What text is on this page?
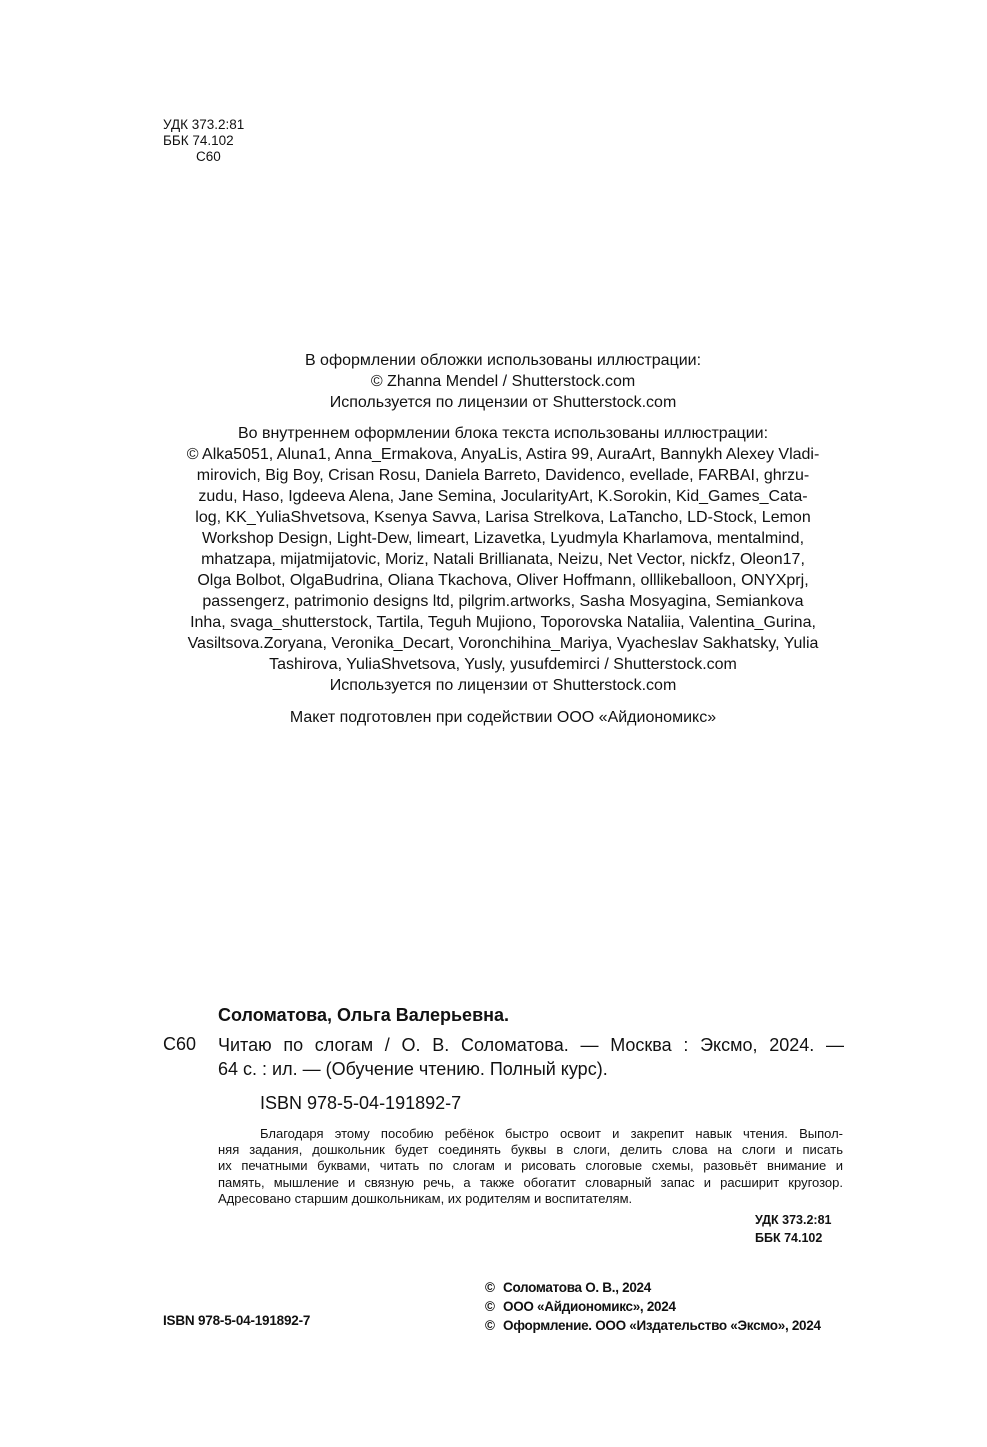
УДК 373.2:81
ББК 74.102
С60
В оформлении обложки использованы иллюстрации:
© Zhanna Mendel / Shutterstock.com
Используется по лицензии от Shutterstock.com
Во внутреннем оформлении блока текста использованы иллюстрации:
© Alka5051, Aluna1, Anna_Ermakova, AnyaLis, Astira 99, AuraArt, Bannykh Alexey Vladi-
mirovich, Big Boy, Crisan Rosu, Daniela Barreto, Davidenco, evellade, FARBAI, ghrzu-
zudu, Haso, Igdeeva Alena, Jane Semina, JocularityArt, K.Sorokin, Kid_Games_Cata-
log, KK_YuliaShvetsova, Ksenya Savva, Larisa Strelkova, LaTancho, LD-Stock, Lemon
Workshop Design, Light-Dew, limeart, Lizavetka, Lyudmyla Kharlamova, mentalmind,
mhatzapa, mijatmijatovic, Moriz, Natali Brillianata, Neizu, Net Vector, nickfz, Oleon17,
Olga Bolbot, OlgaBudrina, Oliana Tkachova, Oliver Hoffmann, olllikeballoon, ONYXprj,
passengerz, patrimonio designs ltd, pilgrim.artworks, Sasha Mosyagina, Semiankova
Inha, svaga_shutterstock, Tartila, Teguh Mujiono, Toporovska Nataliia, Valentina_Gurina,
Vasiltsova.Zoryana, Veronika_Decart, Voronchihina_Mariya, Vyacheslav Sakhatsky, Yulia
Tashirova, YuliaShvetsova, Yusly, yusufdemirci / Shutterstock.com
Используется по лицензии от Shutterstock.com
Макет подготовлен при содействии ООО «Айдиономикс»
Соломатова, Ольга Валерьевна.
С60 Читаю по слогам / О. В. Соломатова. — Москва : Эксмо, 2024. —
64 с. : ил. — (Обучение чтению. Полный курс).
ISBN 978-5-04-191892-7
Благодаря этому пособию ребёнок быстро освоит и закрепит навык чтения. Выпол-
няя задания, дошкольник будет соединять буквы в слоги, делить слова на слоги и писать
их печатными буквами, читать по слогам и рисовать слоговые схемы, разовьёт внимание и
память, мышление и связную речь, а также обогатит словарный запас и расширит кругозор.
Адресовано старшим дошкольникам, их родителям и воспитателям.
УДК 373.2:81
ББК 74.102
ISBN 978-5-04-191892-7
© Соломатова О. В., 2024
© ООО «Айдиономикс», 2024
© Оформление. ООО «Издательство «Эксмо», 2024
